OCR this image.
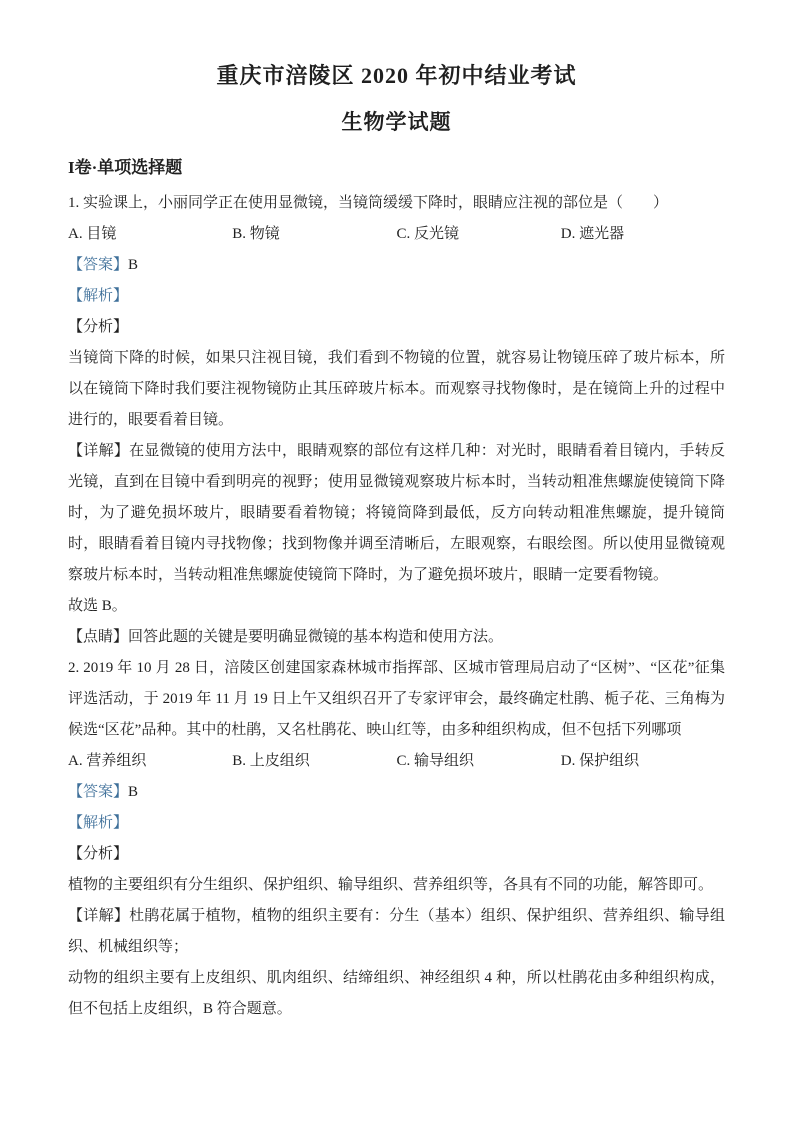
重庆市涪陵区 2020 年初中结业考试
生物学试题
I卷·单项选择题

1. 实验课上，小丽同学正在使用显微镜，当镜筒缓缓下降时，眼睛应注视的部位是（　　）

A. 目镜	B. 物镜	C. 反光镜	D. 遮光器

【答案】B

【解析】

【分析】

当镜筒下降的时候，如果只注视目镜，我们看到不物镜的位置，就容易让物镜压碎了玻片标本，所以在镜筒下降时我们要注视物镜防止其压碎玻片标本。而观察寻找物像时，是在镜筒上升的过程中进行的，眼要看着目镜。

【详解】在显微镜的使用方法中，眼睛观察的部位有这样几种：对光时，眼睛看着目镜内，手转反光镜，直到在目镜中看到明亮的视野；使用显微镜观察玻片标本时，当转动粗准焦螺旋使镜筒下降时，为了避免损坏玻片，眼睛要看着物镜；将镜筒降到最低，反方向转动粗准焦螺旋，提升镜筒时，眼睛看着目镜内寻找物像；找到物像并调至清晰后，左眼观察，右眼绘图。所以使用显微镜观察玻片标本时，当转动粗准焦螺旋使镜筒下降时，为了避免损坏玻片，眼睛一定要看物镜。

故选 B。

【点睛】回答此题的关键是要明确显微镜的基本构造和使用方法。

2. 2019 年 10 月 28 日，涪陵区创建国家森林城市指挥部、区城市管理局启动了“区树”、“区花”征集评选活动，于 2019 年 11 月 19 日上午又组织召开了专家评审会，最终确定杜鹃、栀子花、三角梅为候选“区花”品种。其中的杜鹃，又名杜鹃花、映山红等，由多种组织构成，但不包括下列哪项

A. 营养组织	B. 上皮组织	C. 输导组织	D. 保护组织

【答案】B

【解析】

【分析】

植物的主要组织有分生组织、保护组织、输导组织、营养组织等，各具有不同的功能，解答即可。

【详解】杜鹃花属于植物，植物的组织主要有：分生（基本）组织、保护组织、营养组织、输导组织、机械组织等；

动物的组织主要有上皮组织、肌肉组织、结缔组织、神经组织 4 种，所以杜鹃花由多种组织构成，但不包括上皮组织，B 符合题意。
